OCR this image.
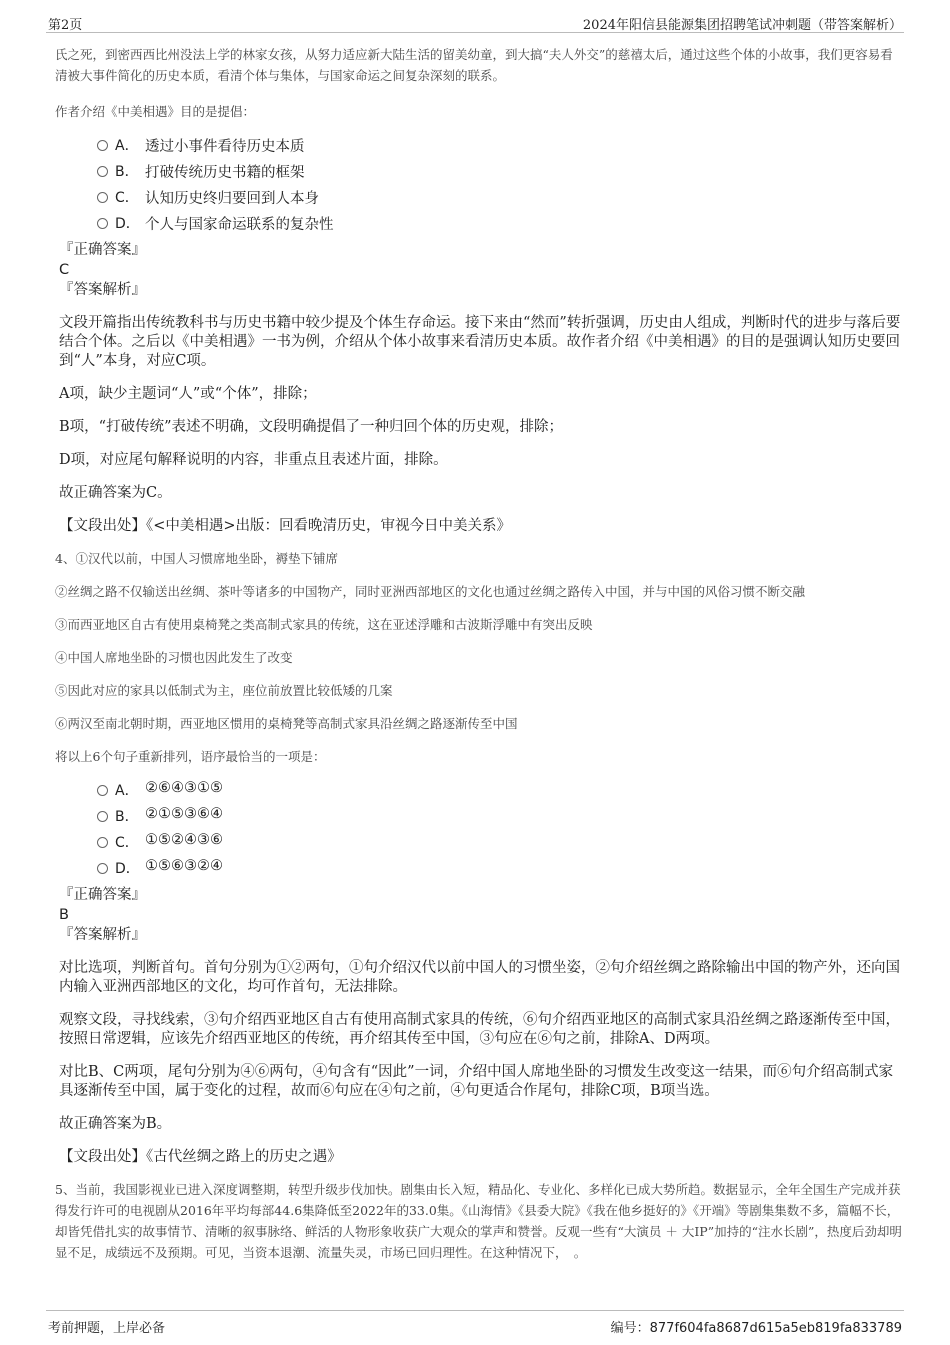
第2页	2024年阳信县能源集团招聘笔试冲刺题（带答案解析）

氏之死，到密西西比州没法上学的林家女孩，从努力适应新大陆生活的留美幼童，到大搞“夫人外交”的慈禧太后，通过这些个体的小故事，我们更容易看清被大事件简化的历史本质，看清个体与集体，与国家命运之间复杂深刻的联系。

作者介绍《中美相遇》目的是提倡：

A． 透过小事件看待历史本质
B． 打破传统历史书籍的框架
C． 认知历史终归要回到人本身
D． 个人与国家命运联系的复杂性

『正确答案』

C

『答案解析』

文段开篇指出传统教科书与历史书籍中较少提及个体生存命运。接下来由“然而”转折强调，历史由人组成，判断时代的进步与落后要结合个体。之后以《中美相遇》一书为例，介绍从个体小故事来看清历史本质。故作者介绍《中美相遇》的目的是强调认知历史要回到“人”本身，对应C项。

A项，缺少主题词“人”或“个体”，排除；

B项，“打破传统”表述不明确，文段明确提倡了一种归回个体的历史观，排除；

D项，对应尾句解释说明的内容，非重点且表述片面，排除。

故正确答案为C。

【文段出处】《<中美相遇>出版：回看晚清历史，审视今日中美关系》

4、①汉代以前，中国人习惯席地坐卧，褥垫下铺席

②丝绸之路不仅输送出丝绸、茶叶等诸多的中国物产，同时亚洲西部地区的文化也通过丝绸之路传入中国，并与中国的风俗习惯不断交融

③而西亚地区自古有使用桌椅凳之类高制式家具的传统，这在亚述浮雕和古波斯浮雕中有突出反映

④中国人席地坐卧的习惯也因此发生了改变

⑤因此对应的家具以低制式为主，座位前放置比较低矮的几案

⑥两汉至南北朝时期，西亚地区惯用的桌椅凳等高制式家具沿丝绸之路逐渐传至中国

将以上6个句子重新排列，语序最恰当的一项是：

A． ②⑥④③①⑤
B． ②①⑤③⑥④
C． ①⑤②④③⑥
D． ①⑤⑥③②④

『正确答案』

B

『答案解析』

对比选项，判断首句。首句分别为①②两句，①句介绍汉代以前中国人的习惯坐姿，②句介绍丝绸之路除输出中国的物产外，还向国内输入亚洲西部地区的文化，均可作首句，无法排除。

观察文段，寻找线索，③句介绍西亚地区自古有使用高制式家具的传统，⑥句介绍西亚地区的高制式家具沿丝绸之路逐渐传至中国，按照日常逻辑，应该先介绍西亚地区的传统，再介绍其传至中国，③句应在⑥句之前，排除A、D两项。

对比B、C两项，尾句分别为④⑥两句，④句含有“因此”一词，介绍中国人席地坐卧的习惯发生改变这一结果，而⑥句介绍高制式家具逐渐传至中国，属于变化的过程，故而⑥句应在④句之前，④句更适合作尾句，排除C项，B项当选。

故正确答案为B。

【文段出处】《古代丝绸之路上的历史之遇》

5、当前，我国影视业已进入深度调整期，转型升级步伐加快。剧集由长入短，精品化、专业化、多样化已成大势所趋。数据显示，全年全国生产完成并获得发行许可的电视剧从2016年平均每部44.6集降低至2022年的33.0集。《山海情》《县委大院》《我在他乡挺好的》《开端》等剧集集数不多，篇幅不长，却皆凭借扎实的故事情节、清晰的叙事脉络、鲜活的人物形象收获广大观众的掌声和赞誉。反观一些有“大演员 ＋ 大IP”加持的“注水长剧”，热度后劲却明显不足，成绩远不及预期。可见，当资本退潮、流量失灵，市场已回归理性。在这种情况下，　。

考前押题，上岸必备	编号：877f604fa8687d615a5eb819fa833789
